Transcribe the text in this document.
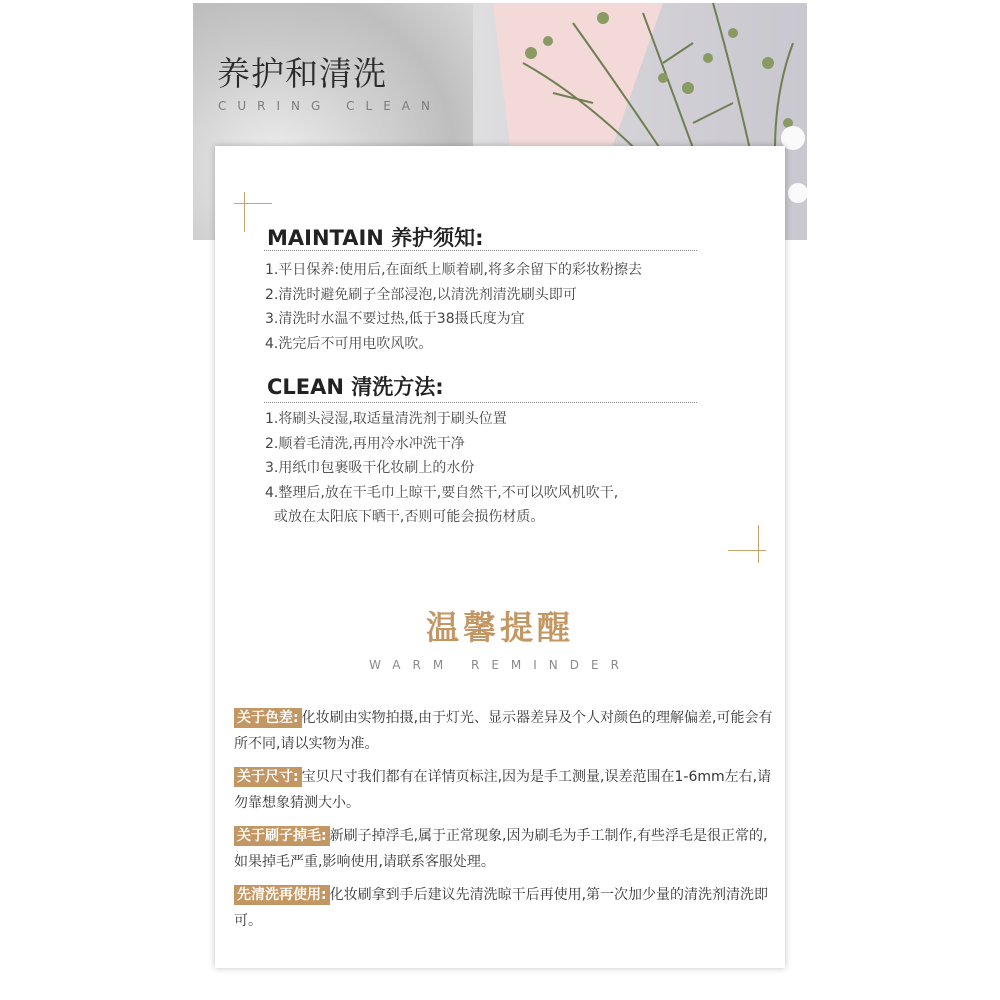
养护和清洗
CURING CLEAN
MAINTAIN 养护须知:
1.平日保养:使用后,在面纸上顺着刷,将多余留下的彩妆粉擦去
2.清洗时避免刷子全部浸泡,以清洗剂清洗刷头即可
3.清洗时水温不要过热,低于38摄氏度为宜
4.洗完后不可用电吹风吹。
CLEAN 清洗方法:
1.将刷头浸湿,取适量清洗剂于刷头位置
2.顺着毛清洗,再用冷水冲洗干净
3.用纸巾包裹吸干化妆刷上的水份
4.整理后,放在干毛巾上晾干,要自然干,不可以吹风机吹干,
或放在太阳底下晒干,否则可能会损伤材质。
温馨提醒
WARM REMINDER
关于色差: 化妆刷由实物拍摄,由于灯光、显示器差异及个人对颜色的理解偏差,可能会有所不同,请以实物为准。
关于尺寸: 宝贝尺寸我们都有在详情页标注,因为是手工测量,误差范围在1-6mm左右,请勿靠想象猜测大小。
关于刷子掉毛: 新刷子掉浮毛,属于正常现象,因为刷毛为手工制作,有些浮毛是很正常的,如果掉毛严重,影响使用,请联系客服处理。
先清洗再使用: 化妆刷拿到手后建议先清洗晾干后再使用,第一次加少量的清洗剂清洗即可。
